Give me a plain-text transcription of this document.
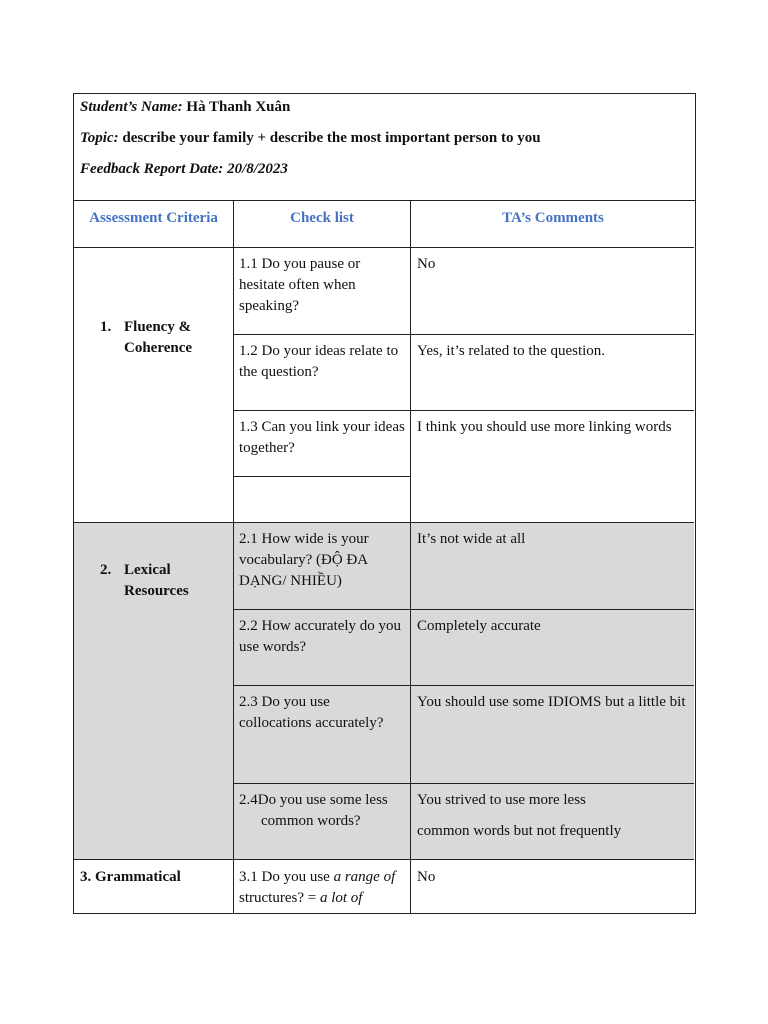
Student’s Name: Hà Thanh Xuân
Topic: describe your family + describe the most important person to you
Feedback Report Date: 20/8/2023
Assessment Criteria	Check list	TA’s Comments
1. Fluency &
Coherence
2. Lexical
Resources
3. Grammatical
1.1 Do you pause or hesitate often when speaking?
1.2 Do your ideas relate to the question?
1.3 Can you link your ideas together?
2.1 How wide is your vocabulary? (ĐỘ ĐA DẠNG/ NHIỀU)
2.2 How accurately do you use words?
2.3 Do you use collocations accurately?
2.4Do you use some less
common words?
3.1 Do you use a range of structures? = a lot of
No
Yes, it’s related to the question.
I think you should use more linking words
It’s not wide at all
Completely accurate
You should use some IDIOMS but a little bit
You strived to use more less
common words but not frequently
No
